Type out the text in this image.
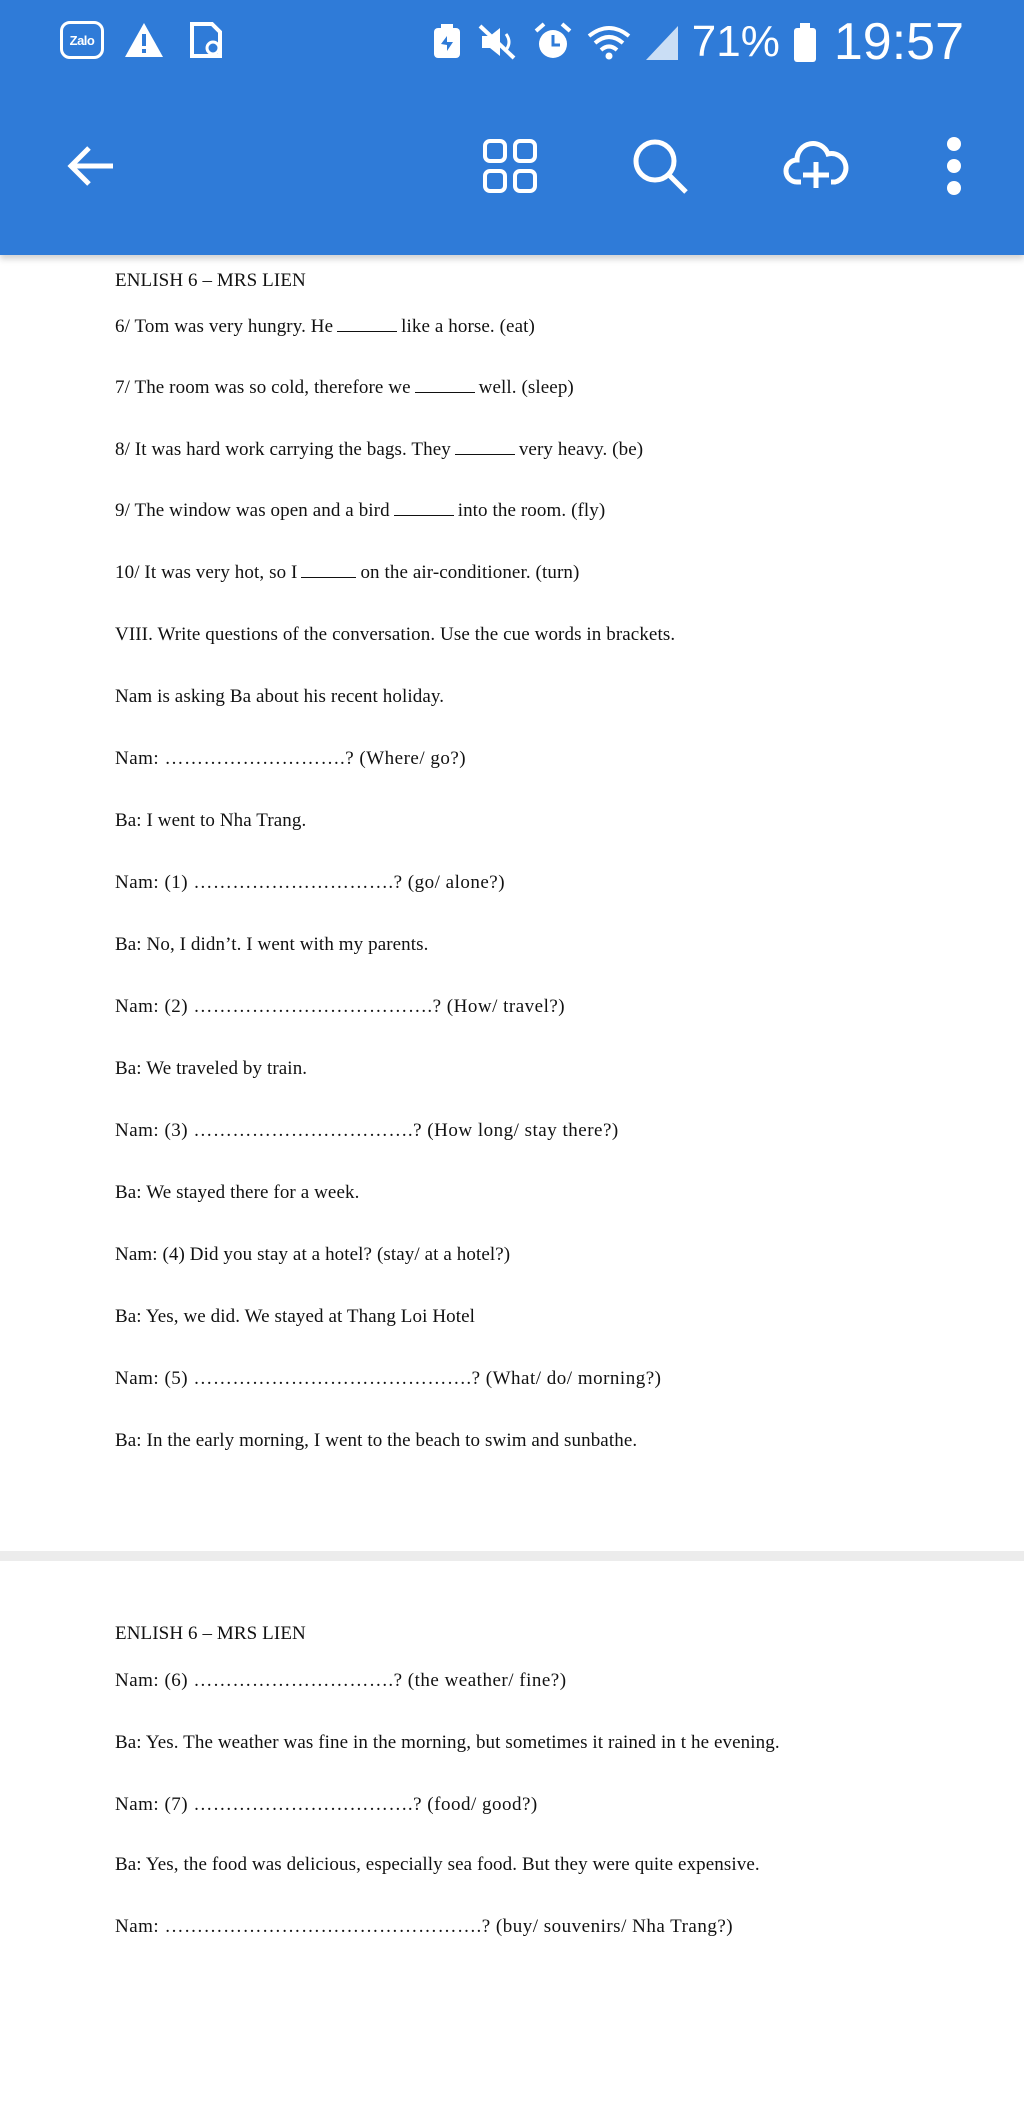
Zalo	71% 19:57
ENLISH 6 – MRS LIEN
6/ Tom was very hungry. He	like a horse. (eat)
7/ The room was so cold, therefore we	well. (sleep)
8/ It was hard work carrying the bags. They	very heavy. (be)
9/ The window was open and a bird	into the room. (fly)
10/ It was very hot, so I	on the air-conditioner. (turn)
VIII. Write questions of the conversation. Use the cue words in brackets.
Nam is asking Ba about his recent holiday.
Nam: ……………………….? (Where/ go?)
Ba: I went to Nha Trang.
Nam: (1) ………………………….? (go/ alone?)
Ba: No, I didn’t. I went with my parents.
Nam: (2) ……………………………….? (How/ travel?)
Ba: We traveled by train.
Nam: (3) …………………………….? (How long/ stay there?)
Ba: We stayed there for a week.
Nam: (4) Did you stay at a hotel? (stay/ at a hotel?)
Ba: Yes, we did. We stayed at Thang Loi Hotel
Nam: (5) …………………………………….? (What/ do/ morning?)
Ba: In the early morning, I went to the beach to swim and sunbathe.
ENLISH 6 – MRS LIEN
Nam: (6) ………………………….? (the weather/ fine?)
Ba: Yes. The weather was fine in the morning, but sometimes it rained in t he evening.
Nam: (7) …………………………….? (food/ good?)
Ba: Yes, the food was delicious, especially sea food. But they were quite expensive.
Nam: ………………………………………….? (buy/ souvenirs/ Nha Trang?)
